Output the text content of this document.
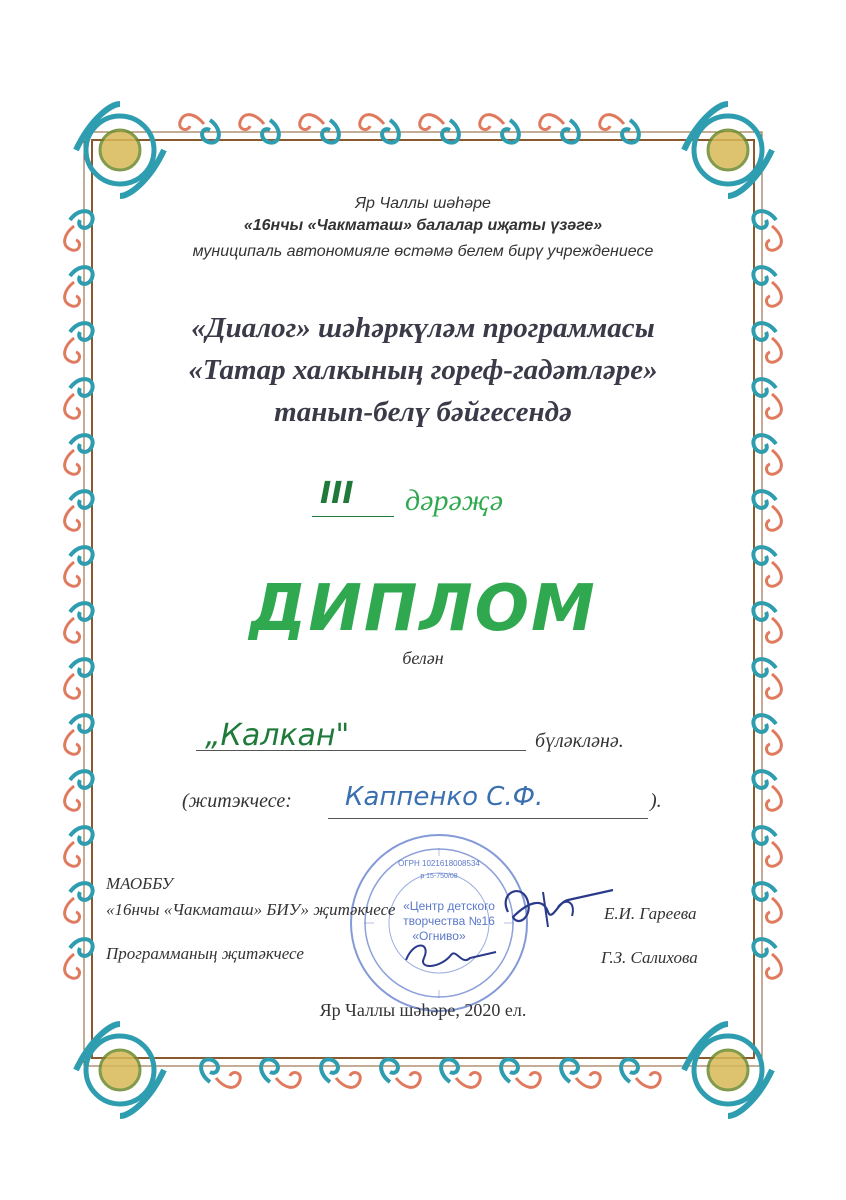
Яр Чаллы шәһәре
«16нчы «Чакматаш» балалар иҗаты үзәге»
муниципаль автономияле өстәмә белем бирү учреждениесе
«Диалог» шәһәркүләм программасы
«Татар халкының гореф-гадәтләре»
танып-белү бәйгесендә
III дәрәҗә
ДИПЛОМ
белән
„Калкан"	бүләкләнә.
(житэкчесе: Каппенко С.Ф.	).
ОГРН 1021618008534
р 15-750/08
«Центр детского
творчества №16
«Огниво»
МАОББУ
«16нчы «Чакматаш» БИУ» җитәкчесе	Е.И. Гареева
Программаның җитәкчесе	Г.З. Салихова
Яр Чаллы шәһәре, 2020 ел.
